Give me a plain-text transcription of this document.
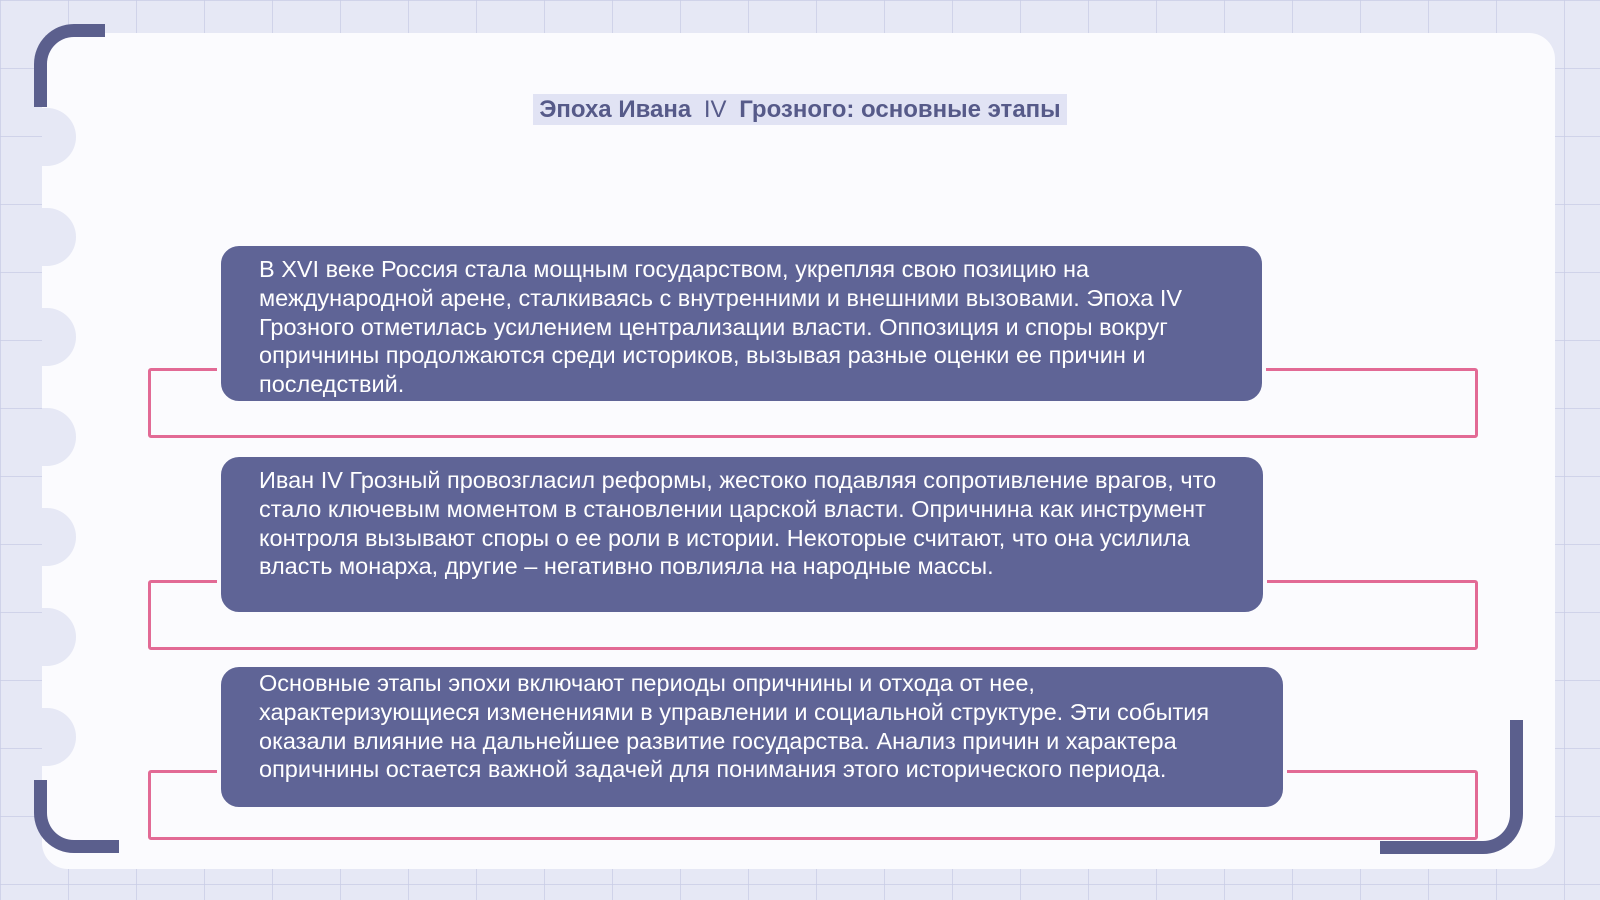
Эпоха Ивана IV Грозного: основные этапы

В XVI веке Россия стала мощным государством, укрепляя свою позицию на международной арене, сталкиваясь с внутренними и внешними вызовами. Эпоха IV Грозного отметилась усилением централизации власти. Оппозиция и споры вокруг опричнины продолжаются среди историков, вызывая разные оценки ее причин и последствий.

Иван IV Грозный провозгласил реформы, жестоко подавляя сопротивление врагов, что стало ключевым моментом в становлении царской власти. Опричнина как инструмент контроля вызывают споры о ее роли в истории. Некоторые считают, что она усилила власть монарха, другие – негативно повлияла на народные массы.

Основные этапы эпохи включают периоды опричнины и отхода от нее, характеризующиеся изменениями в управлении и социальной структуре. Эти события оказали влияние на дальнейшее развитие государства. Анализ причин и характера опричнины остается важной задачей для понимания этого исторического периода.
